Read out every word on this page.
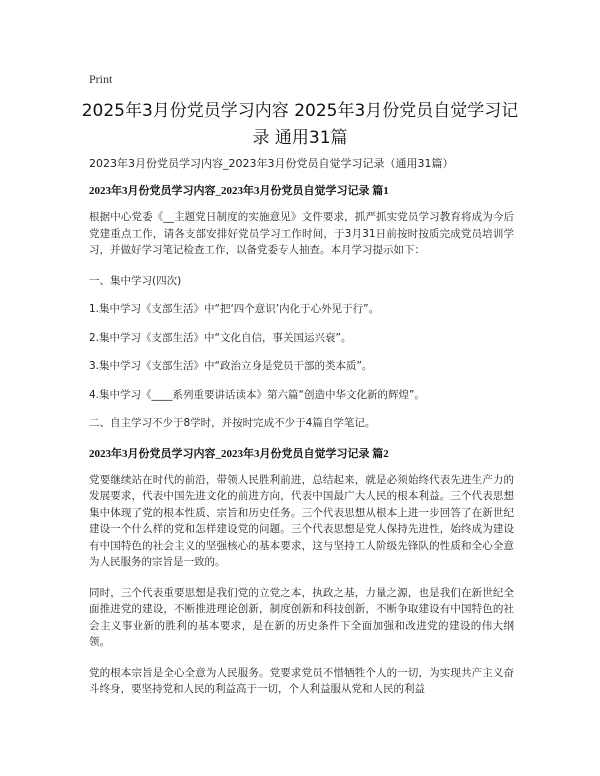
Print
2025年3月份党员学习内容 2025年3月份党员自觉学习记录 通用31篇

2023年3月份党员学习内容_2023年3月份党员自觉学习记录（通用31篇）

2023年3月份党员学习内容_2023年3月份党员自觉学习记录 篇1

根据中心党委《__主题党日制度的实施意见》文件要求，抓严抓实党员学习教育将成为今后党建重点工作，请各支部安排好党员学习工作时间，于3月31日前按时按质完成党员培训学习，并做好学习笔记检查工作，以备党委专人抽查。本月学习提示如下：

一、集中学习(四次)

1.集中学习《支部生活》中“把‘四个意识’内化于心外见于行”。

2.集中学习《支部生活》中“文化自信，事关国运兴衰”。

3.集中学习《支部生活》中“政治立身是党员干部的类本质”。

4.集中学习《____系列重要讲话读本》第六篇“创造中华文化新的辉煌”。

二、自主学习不少于8学时，并按时完成不少于4篇自学笔记。

2023年3月份党员学习内容_2023年3月份党员自觉学习记录 篇2

党要继续站在时代的前沿，带领人民胜利前进，总结起来，就是必须始终代表先进生产力的发展要求，代表中国先进文化的前进方向，代表中国最广大人民的根本利益。三个代表思想集中体现了党的根本性质、宗旨和历史任务。三个代表思想从根本上进一步回答了在新世纪建设一个什么样的党和怎样建设党的问题。三个代表思想是党人保持先进性，始终成为建设有中国特色的社会主义的坚强核心的基本要求，这与坚持工人阶级先锋队的性质和全心全意为人民服务的宗旨是一致的。

同时，三个代表重要思想是我们党的立党之本，执政之基，力量之源，也是我们在新世纪全面推进党的建设，不断推进理论创新，制度创新和科技创新，不断争取建设有中国特色的社会主义事业新的胜利的基本要求，是在新的历史条件下全面加强和改进党的建设的伟大纲领。

党的根本宗旨是全心全意为人民服务。党要求党员不惜牺牲个人的一切，为实现共产主义奋斗终身，要坚持党和人民的利益高于一切，个人利益服从党和人民的利益
